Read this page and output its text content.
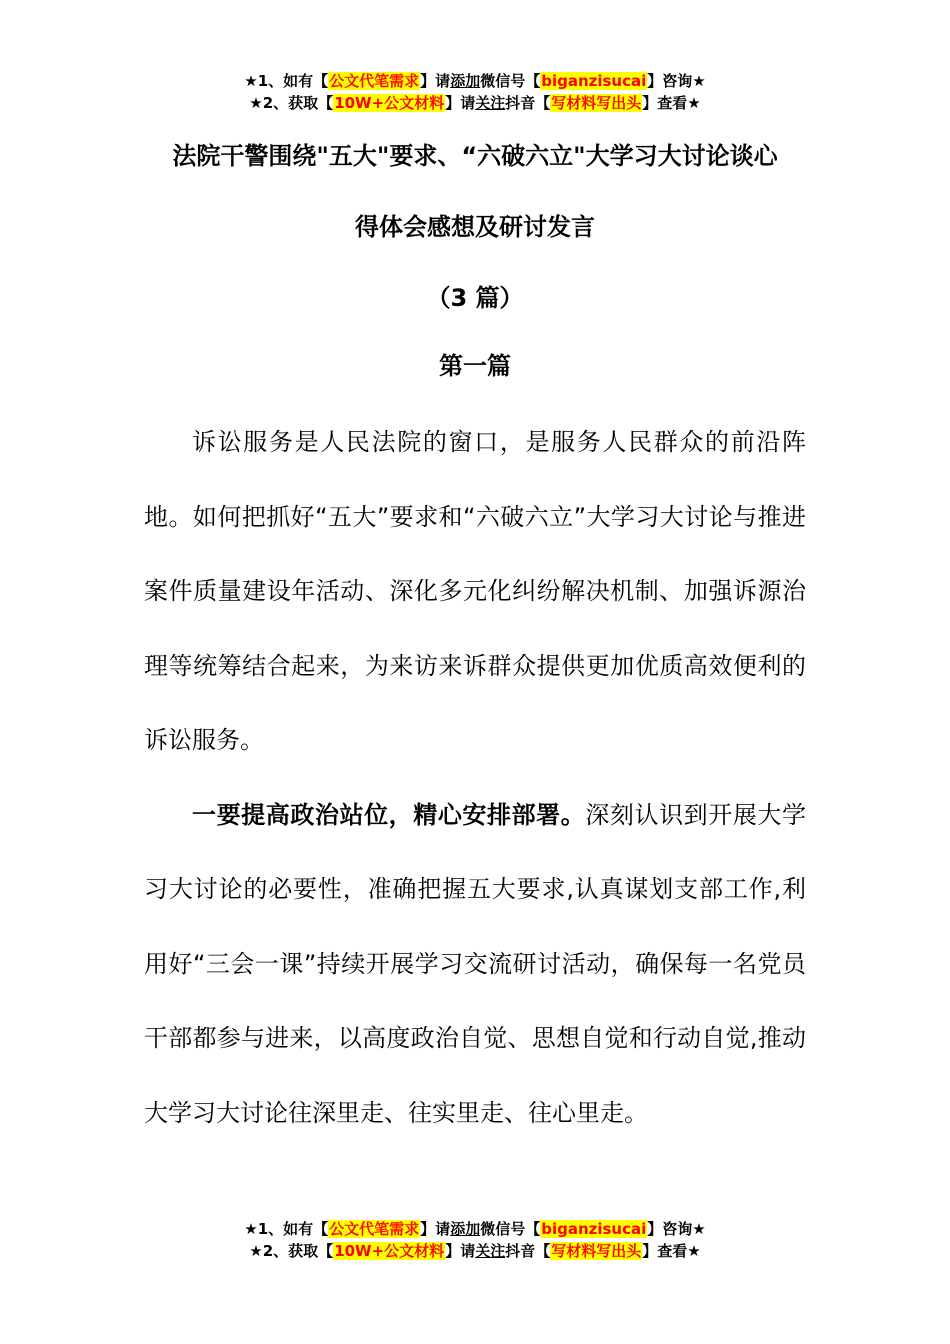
★1、如有【公文代笔需求】请添加微信号【biganzisucai】咨询★
★2、获取【10W+公文材料】请关注抖音【写材料写出头】查看★
法院干警围绕"五大"要求、“六破六立"大学习大讨论谈心
得体会感想及研讨发言
（3 篇）
第一篇

诉讼服务是人民法院的窗口，是服务人民群众的前沿阵地。如何把抓好“五大”要求和“六破六立”大学习大讨论与推进案件质量建设年活动、深化多元化纠纷解决机制、加强诉源治理等统筹结合起来，为来访来诉群众提供更加优质高效便利的诉讼服务。

一要提高政治站位，精心安排部署。深刻认识到开展大学习大讨论的必要性，准确把握五大要求,认真谋划支部工作,利用好“三会一课”持续开展学习交流研讨活动，确保每一名党员干部都参与进来，以高度政治自觉、思想自觉和行动自觉,推动大学习大讨论往深里走、往实里走、往心里走。

★1、如有【公文代笔需求】请添加微信号【biganzisucai】咨询★
★2、获取【10W+公文材料】请关注抖音【写材料写出头】查看★
